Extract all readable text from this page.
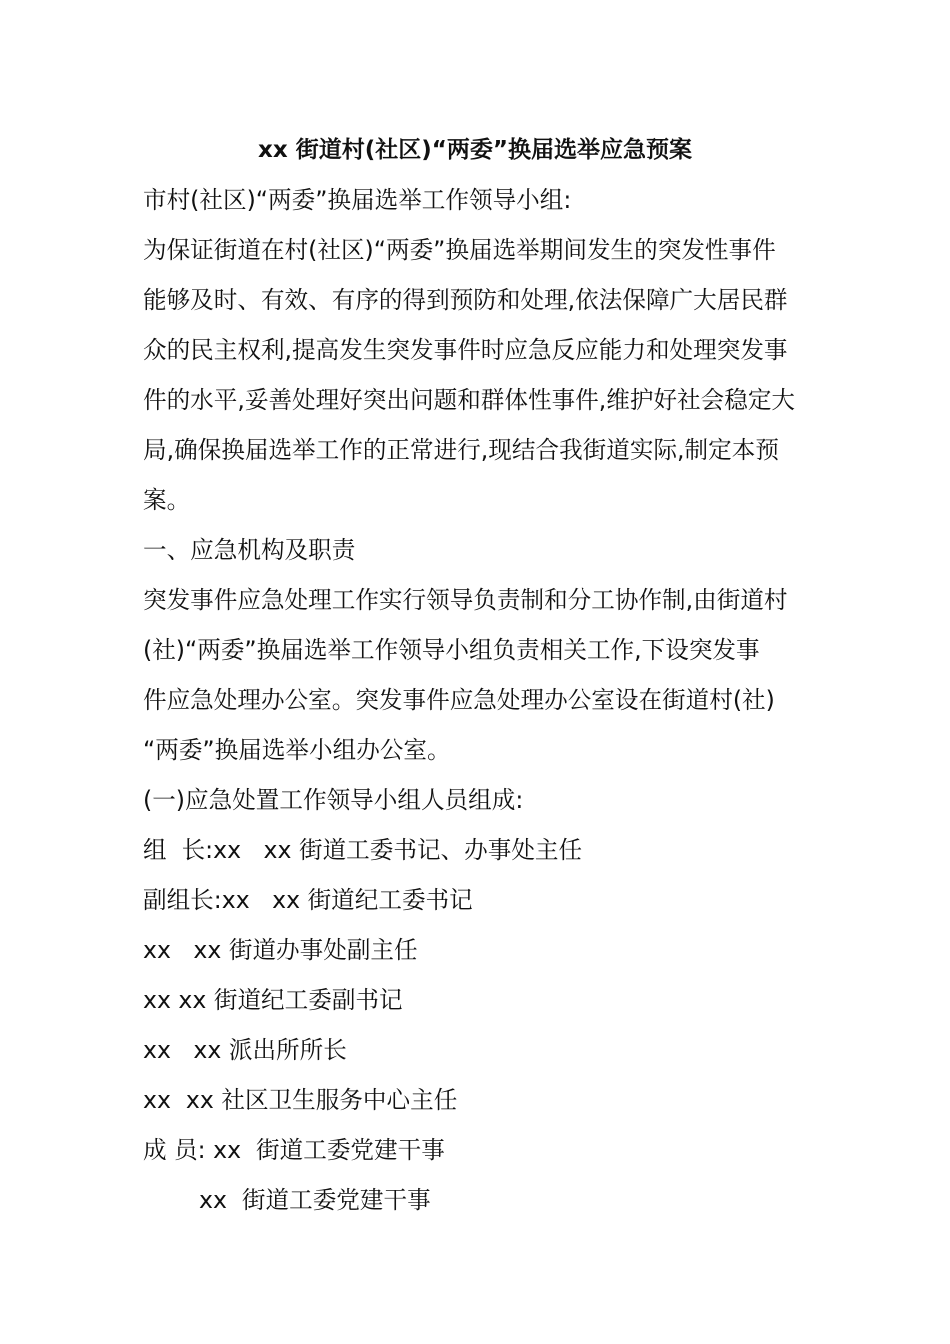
xx 街道村(社区)“两委”换届选举应急预案
市村(社区)“两委”换届选举工作领导小组:
为保证街道在村(社区)“两委”换届选举期间发生的突发性事件
能够及时、有效、有序的得到预防和处理,依法保障广大居民群
众的民主权利,提高发生突发事件时应急反应能力和处理突发事
件的水平,妥善处理好突出问题和群体性事件,维护好社会稳定大
局,确保换届选举工作的正常进行,现结合我街道实际,制定本预
案。
一、应急机构及职责
突发事件应急处理工作实行领导负责制和分工协作制,由街道村
(社)“两委”换届选举工作领导小组负责相关工作,下设突发事
件应急处理办公室。突发事件应急处理办公室设在街道村(社)
“两委”换届选举小组办公室。
(一)应急处置工作领导小组人员组成:
组  长:xx   xx 街道工委书记、办事处主任
副组长:xx   xx 街道纪工委书记
xx   xx 街道办事处副主任
xx xx 街道纪工委副书记
xx   xx 派出所所长
xx  xx 社区卫生服务中心主任
成 员: xx  街道工委党建干事
xx  街道工委党建干事
